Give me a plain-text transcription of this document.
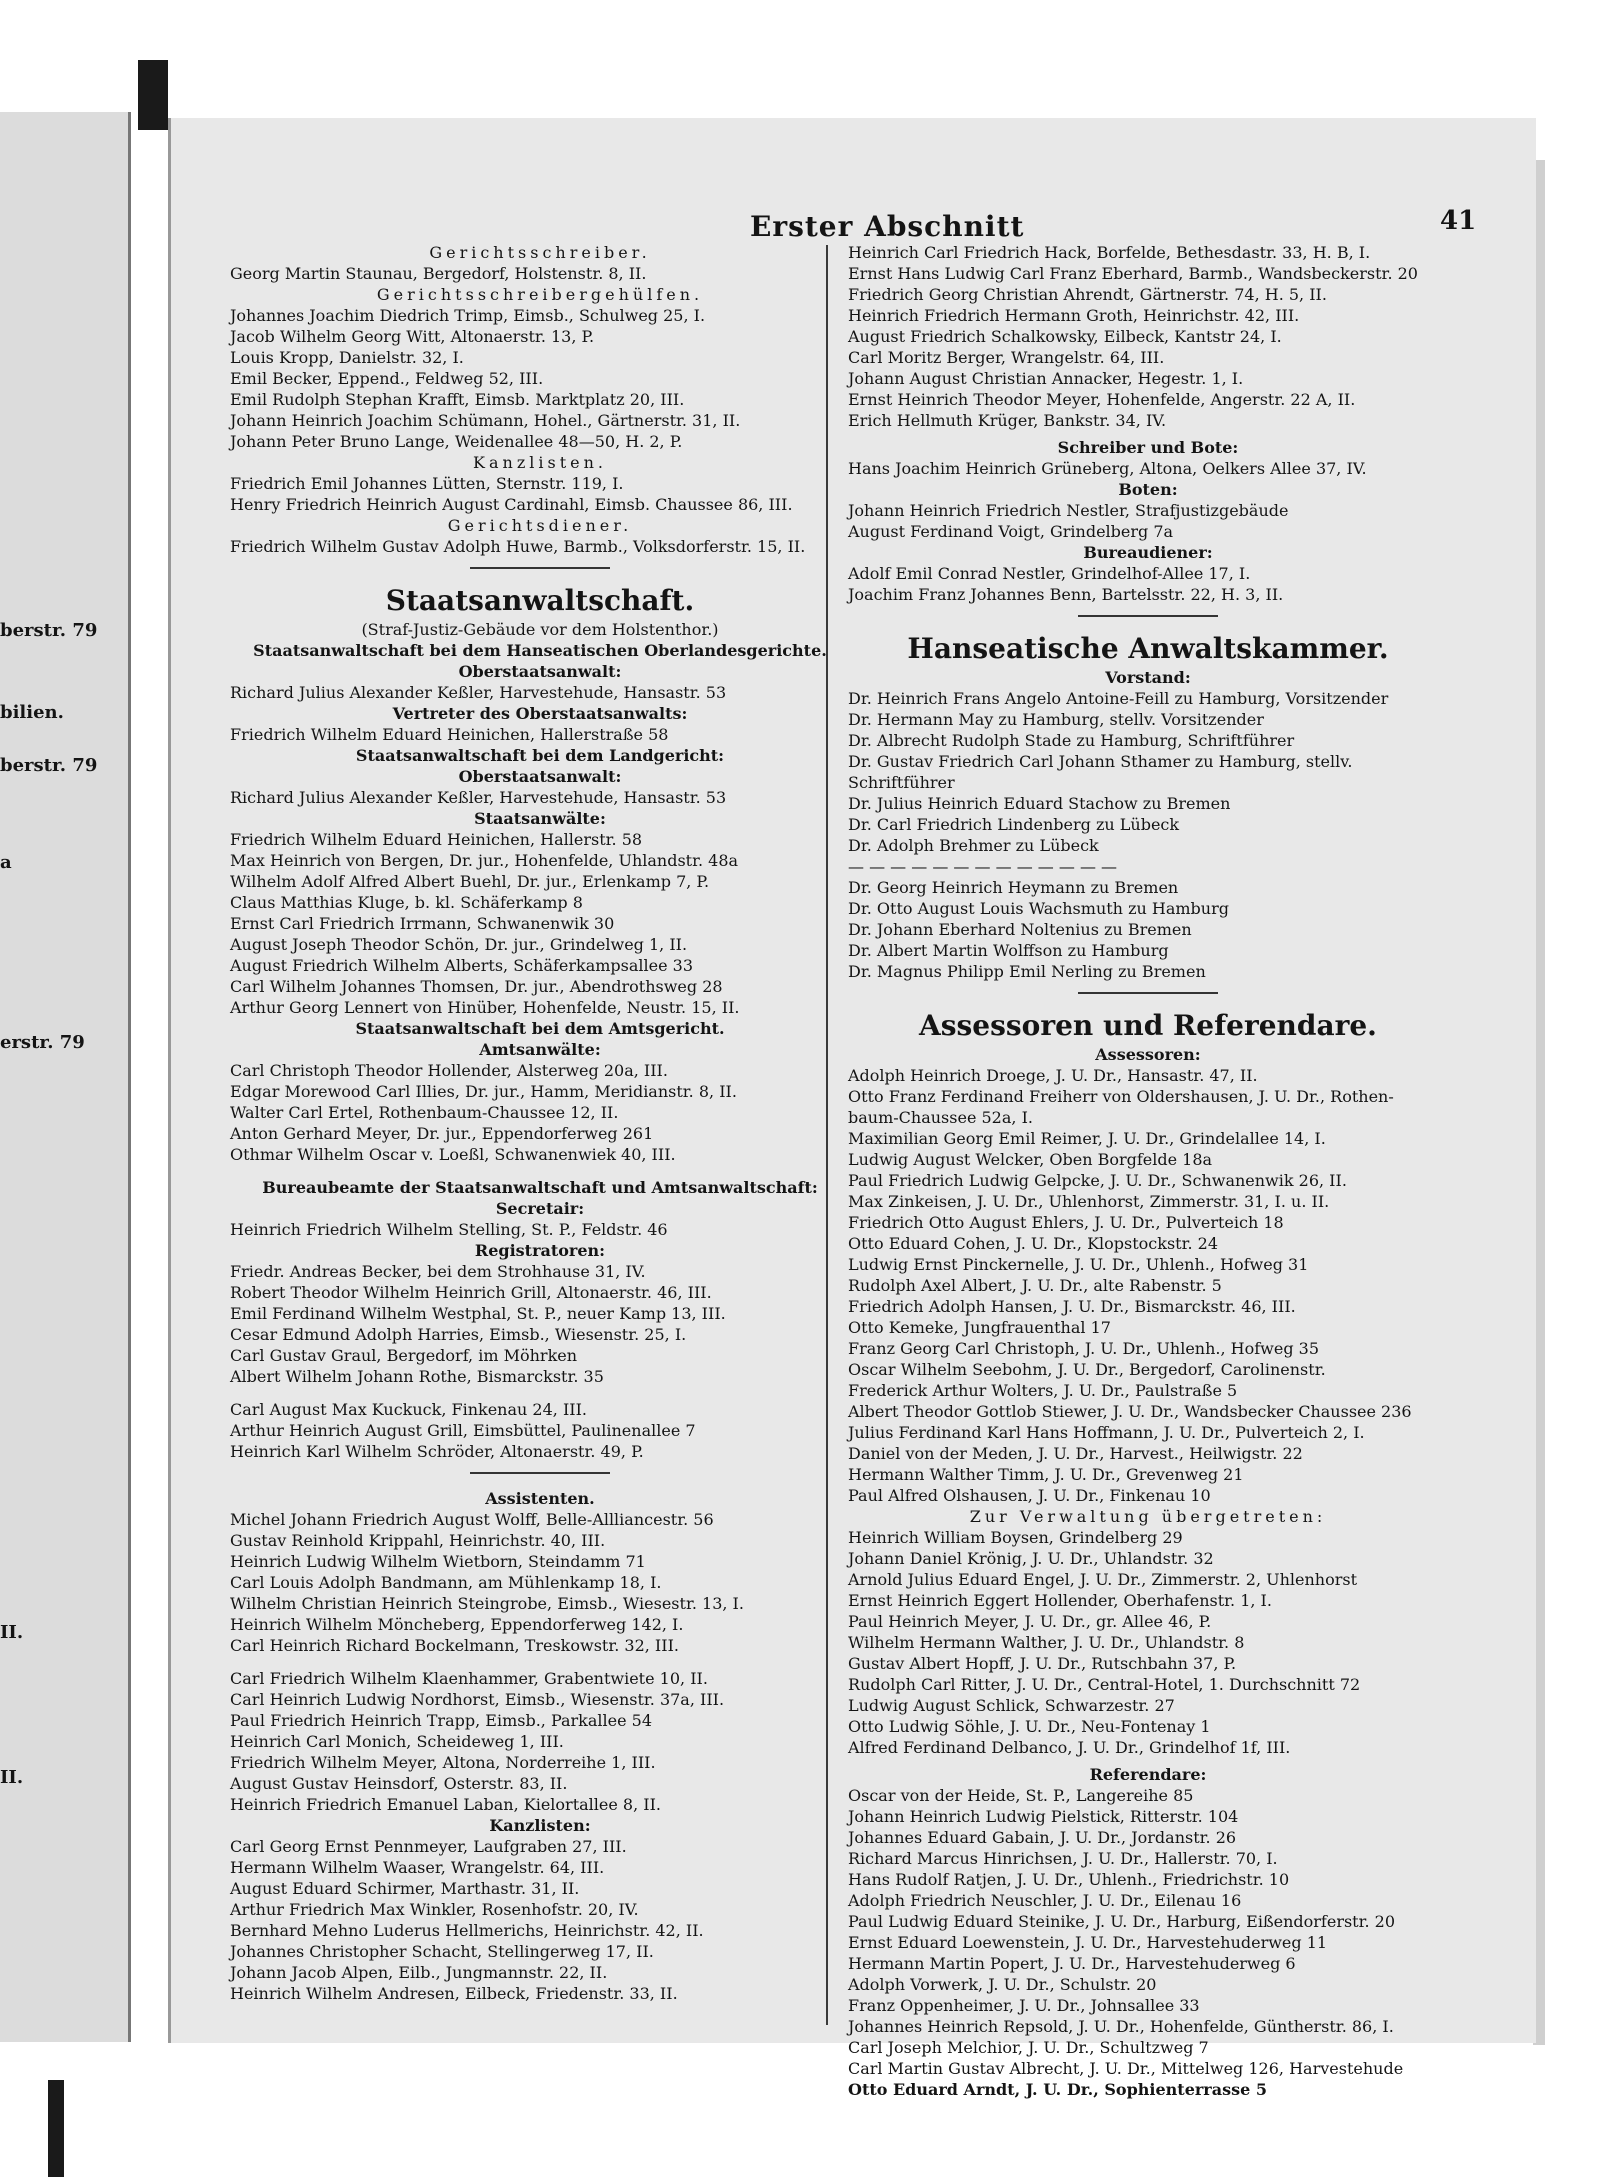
berstr. 79
bilien.
berstr. 79
a
erstr. 79
II.
II.
Erster Abschnitt	41
Gerichtsschreiber.
Georg Martin Staunau, Bergedorf, Holstenstr. 8, II.
Gerichtsschreibergehülfen.
Johannes Joachim Diedrich Trimp, Eimsb., Schulweg 25, I.
Jacob Wilhelm Georg Witt, Altonaerstr. 13, P.
Louis Kropp, Danielstr. 32, I.
Emil Becker, Eppend., Feldweg 52, III.
Emil Rudolph Stephan Krafft, Eimsb. Marktplatz 20, III.
Johann Heinrich Joachim Schümann, Hohel., Gärtnerstr. 31, II.
Johann Peter Bruno Lange, Weidenallee 48—50, H. 2, P.
Kanzlisten.
Friedrich Emil Johannes Lütten, Sternstr. 119, I.
Henry Friedrich Heinrich August Cardinahl, Eimsb. Chaussee 86, III.
Gerichtsdiener.
Friedrich Wilhelm Gustav Adolph Huwe, Barmb., Volksdorferstr. 15, II.
Staatsanwaltschaft.
(Straf-Justiz-Gebäude vor dem Holstenthor.)
Staatsanwaltschaft bei dem Hanseatischen Oberlandesgerichte.
Oberstaatsanwalt:
Richard Julius Alexander Keßler, Harvestehude, Hansastr. 53
Vertreter des Oberstaatsanwalts:
Friedrich Wilhelm Eduard Heinichen, Hallerstraße 58
Staatsanwaltschaft bei dem Landgericht:
Oberstaatsanwalt:
Richard Julius Alexander Keßler, Harvestehude, Hansastr. 53
Staatsanwälte:
Friedrich Wilhelm Eduard Heinichen, Hallerstr. 58
Max Heinrich von Bergen, Dr. jur., Hohenfelde, Uhlandstr. 48a
Wilhelm Adolf Alfred Albert Buehl, Dr. jur., Erlenkamp 7, P.
Claus Matthias Kluge, b. kl. Schäferkamp 8
Ernst Carl Friedrich Irrmann, Schwanenwik 30
August Joseph Theodor Schön, Dr. jur., Grindelweg 1, II.
August Friedrich Wilhelm Alberts, Schäferkampsallee 33
Carl Wilhelm Johannes Thomsen, Dr. jur., Abendrothsweg 28
Arthur Georg Lennert von Hinüber, Hohenfelde, Neustr. 15, II.
Staatsanwaltschaft bei dem Amtsgericht.
Amtsanwälte:
Carl Christoph Theodor Hollender, Alsterweg 20a, III.
Edgar Morewood Carl Illies, Dr. jur., Hamm, Meridianstr. 8, II.
Walter Carl Ertel, Rothenbaum-Chaussee 12, II.
Anton Gerhard Meyer, Dr. jur., Eppendorferweg 261
Othmar Wilhelm Oscar v. Loeßl, Schwanenwiek 40, III.
Bureaubeamte der Staatsanwaltschaft und Amtsanwaltschaft:
Secretair:
Heinrich Friedrich Wilhelm Stelling, St. P., Feldstr. 46
Registratoren:
Friedr. Andreas Becker, bei dem Strohhause 31, IV.
Robert Theodor Wilhelm Heinrich Grill, Altonaerstr. 46, III.
Emil Ferdinand Wilhelm Westphal, St. P., neuer Kamp 13, III.
Cesar Edmund Adolph Harries, Eimsb., Wiesenstr. 25, I.
Carl Gustav Graul, Bergedorf, im Möhrken
Albert Wilhelm Johann Rothe, Bismarckstr. 35
Carl August Max Kuckuck, Finkenau 24, III.
Arthur Heinrich August Grill, Eimsbüttel, Paulinenallee 7
Heinrich Karl Wilhelm Schröder, Altonaerstr. 49, P.
Assistenten.
Michel Johann Friedrich August Wolff, Belle-Allliancestr. 56
Gustav Reinhold Krippahl, Heinrichstr. 40, III.
Heinrich Ludwig Wilhelm Wietborn, Steindamm 71
Carl Louis Adolph Bandmann, am Mühlenkamp 18, I.
Wilhelm Christian Heinrich Steingrobe, Eimsb., Wiesestr. 13, I.
Heinrich Wilhelm Möncheberg, Eppendorferweg 142, I.
Carl Heinrich Richard Bockelmann, Treskowstr. 32, III.
Carl Friedrich Wilhelm Klaenhammer, Grabentwiete 10, II.
Carl Heinrich Ludwig Nordhorst, Eimsb., Wiesenstr. 37a, III.
Paul Friedrich Heinrich Trapp, Eimsb., Parkallee 54
Heinrich Carl Monich, Scheideweg 1, III.
Friedrich Wilhelm Meyer, Altona, Norderreihe 1, III.
August Gustav Heinsdorf, Osterstr. 83, II.
Heinrich Friedrich Emanuel Laban, Kielortallee 8, II.
Kanzlisten:
Carl Georg Ernst Pennmeyer, Laufgraben 27, III.
Hermann Wilhelm Waaser, Wrangelstr. 64, III.
August Eduard Schirmer, Marthastr. 31, II.
Arthur Friedrich Max Winkler, Rosenhofstr. 20, IV.
Bernhard Mehno Luderus Hellmerichs, Heinrichstr. 42, II.
Johannes Christopher Schacht, Stellingerweg 17, II.
Johann Jacob Alpen, Eilb., Jungmannstr. 22, II.
Heinrich Wilhelm Andresen, Eilbeck, Friedenstr. 33, II.
Heinrich Carl Friedrich Hack, Borfelde, Bethesdastr. 33, H. B, I.
Ernst Hans Ludwig Carl Franz Eberhard, Barmb., Wandsbeckerstr. 20
Friedrich Georg Christian Ahrendt, Gärtnerstr. 74, H. 5, II.
Heinrich Friedrich Hermann Groth, Heinrichstr. 42, III.
August Friedrich Schalkowsky, Eilbeck, Kantstr 24, I.
Carl Moritz Berger, Wrangelstr. 64, III.
Johann August Christian Annacker, Hegestr. 1, I.
Ernst Heinrich Theodor Meyer, Hohenfelde, Angerstr. 22 A, II.
Erich Hellmuth Krüger, Bankstr. 34, IV.
Schreiber und Bote:
Hans Joachim Heinrich Grüneberg, Altona, Oelkers Allee 37, IV.
Boten:
Johann Heinrich Friedrich Nestler, Strafjustizgebäude
August Ferdinand Voigt, Grindelberg 7a
Bureaudiener:
Adolf Emil Conrad Nestler, Grindelhof-Allee 17, I.
Joachim Franz Johannes Benn, Bartelsstr. 22, H. 3, II.
Hanseatische Anwaltskammer.
Vorstand:
Dr. Heinrich Frans Angelo Antoine-Feill zu Hamburg, Vorsitzender
Dr. Hermann May zu Hamburg, stellv. Vorsitzender
Dr. Albrecht Rudolph Stade zu Hamburg, Schriftführer
Dr. Gustav Friedrich Carl Johann Sthamer zu Hamburg, stellv.
Schriftführer
Dr. Julius Heinrich Eduard Stachow zu Bremen
Dr. Carl Friedrich Lindenberg zu Lübeck
Dr. Adolph Brehmer zu Lübeck
— — — — — — — — — — — — —
Dr. Georg Heinrich Heymann zu Bremen
Dr. Otto August Louis Wachsmuth zu Hamburg
Dr. Johann Eberhard Noltenius zu Bremen
Dr. Albert Martin Wolffson zu Hamburg
Dr. Magnus Philipp Emil Nerling zu Bremen
Assessoren und Referendare.
Assessoren:
Adolph Heinrich Droege, J. U. Dr., Hansastr. 47, II.
Otto Franz Ferdinand Freiherr von Oldershausen, J. U. Dr., Rothen-
baum-Chaussee 52a, I.
Maximilian Georg Emil Reimer, J. U. Dr., Grindelallee 14, I.
Ludwig August Welcker, Oben Borgfelde 18a
Paul Friedrich Ludwig Gelpcke, J. U. Dr., Schwanenwik 26, II.
Max Zinkeisen, J. U. Dr., Uhlenhorst, Zimmerstr. 31, I. u. II.
Friedrich Otto August Ehlers, J. U. Dr., Pulverteich 18
Otto Eduard Cohen, J. U. Dr., Klopstockstr. 24
Ludwig Ernst Pinckernelle, J. U. Dr., Uhlenh., Hofweg 31
Rudolph Axel Albert, J. U. Dr., alte Rabenstr. 5
Friedrich Adolph Hansen, J. U. Dr., Bismarckstr. 46, III.
Otto Kemeke, Jungfrauenthal 17
Franz Georg Carl Christoph, J. U. Dr., Uhlenh., Hofweg 35
Oscar Wilhelm Seebohm, J. U. Dr., Bergedorf, Carolinenstr.
Frederick Arthur Wolters, J. U. Dr., Paulstraße 5
Albert Theodor Gottlob Stiewer, J. U. Dr., Wandsbecker Chaussee 236
Julius Ferdinand Karl Hans Hoffmann, J. U. Dr., Pulverteich 2, I.
Daniel von der Meden, J. U. Dr., Harvest., Heilwigstr. 22
Hermann Walther Timm, J. U. Dr., Grevenweg 21
Paul Alfred Olshausen, J. U. Dr., Finkenau 10
Zur Verwaltung übergetreten:
Heinrich William Boysen, Grindelberg 29
Johann Daniel Krönig, J. U. Dr., Uhlandstr. 32
Arnold Julius Eduard Engel, J. U. Dr., Zimmerstr. 2, Uhlenhorst
Ernst Heinrich Eggert Hollender, Oberhafenstr. 1, I.
Paul Heinrich Meyer, J. U. Dr., gr. Allee 46, P.
Wilhelm Hermann Walther, J. U. Dr., Uhlandstr. 8
Gustav Albert Hopff, J. U. Dr., Rutschbahn 37, P.
Rudolph Carl Ritter, J. U. Dr., Central-Hotel, 1. Durchschnitt 72
Ludwig August Schlick, Schwarzestr. 27
Otto Ludwig Söhle, J. U. Dr., Neu-Fontenay 1
Alfred Ferdinand Delbanco, J. U. Dr., Grindelhof 1f, III.
Referendare:
Oscar von der Heide, St. P., Langereihe 85
Johann Heinrich Ludwig Pielstick, Ritterstr. 104
Johannes Eduard Gabain, J. U. Dr., Jordanstr. 26
Richard Marcus Hinrichsen, J. U. Dr., Hallerstr. 70, I.
Hans Rudolf Ratjen, J. U. Dr., Uhlenh., Friedrichstr. 10
Adolph Friedrich Neuschler, J. U. Dr., Eilenau 16
Paul Ludwig Eduard Steinike, J. U. Dr., Harburg, Eißendorferstr. 20
Ernst Eduard Loewenstein, J. U. Dr., Harvestehuderweg 11
Hermann Martin Popert, J. U. Dr., Harvestehuderweg 6
Adolph Vorwerk, J. U. Dr., Schulstr. 20
Franz Oppenheimer, J. U. Dr., Johnsallee 33
Johannes Heinrich Repsold, J. U. Dr., Hohenfelde, Güntherstr. 86, I.
Carl Joseph Melchior, J. U. Dr., Schultzweg 7
Carl Martin Gustav Albrecht, J. U. Dr., Mittelweg 126, Harvestehude
Otto Eduard Arndt, J. U. Dr., Sophienterrasse 5
